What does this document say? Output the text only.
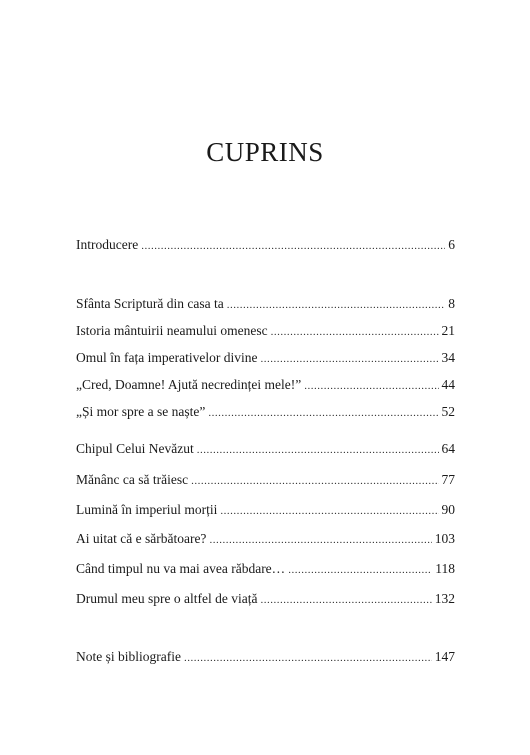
CUPRINS
Introducere .....	6
Sfânta Scriptură din casa ta .....	8
Istoria mântuirii neamului omenesc .....	21
Omul în fața imperativelor divine .....	34
„Cred, Doamne! Ajută necredinței mele!” .....	44
„Și mor spre a se naște” .....	52
Chipul Celui Nevăzut .....	64
Mănânc ca să trăiesc .....	77
Lumină în imperiul morții .....	90
Ai uitat că e sărbătoare? .....	103
Când timpul nu va mai avea răbdare… .....	118
Drumul meu spre o altfel de viață .....	132
Note și bibliografie .....	147
